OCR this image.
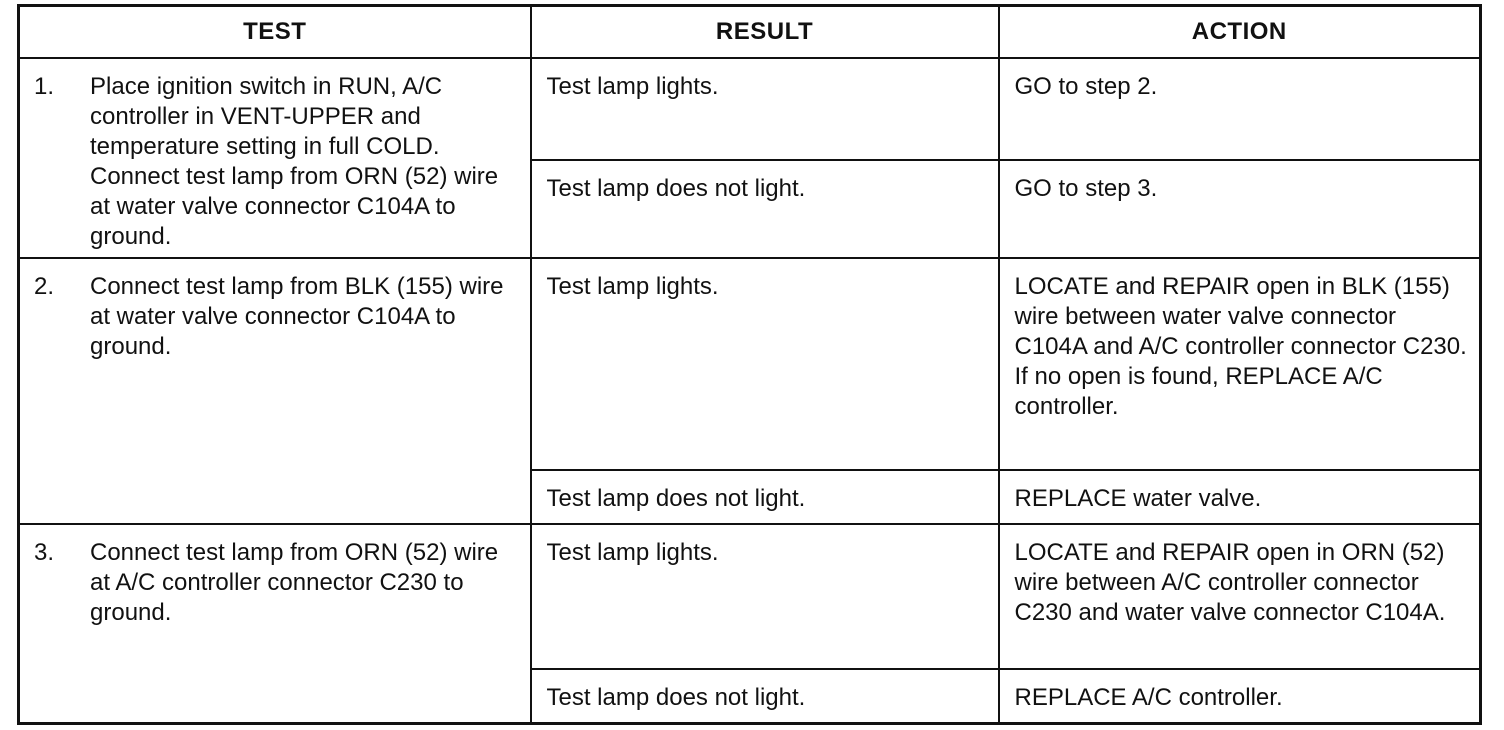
TEST	RESULT	ACTION

1. Place ignition switch in RUN, A/C controller in VENT-UPPER and temperature setting in full COLD. Connect test lamp from ORN (52) wire at water valve connector C104A to ground.	Test lamp lights.	GO to step 2.

	Test lamp does not light.	GO to step 3.

2. Connect test lamp from BLK (155) wire at water valve connector C104A to ground.	Test lamp lights.	LOCATE and REPAIR open in BLK (155) wire between water valve connector C104A and A/C controller connector C230. If no open is found, REPLACE A/C controller.

	Test lamp does not light.	REPLACE water valve.

3. Connect test lamp from ORN (52) wire at A/C controller connector C230 to ground.	Test lamp lights.	LOCATE and REPAIR open in ORN (52) wire between A/C controller connector C230 and water valve connector C104A.

	Test lamp does not light.	REPLACE A/C controller.
